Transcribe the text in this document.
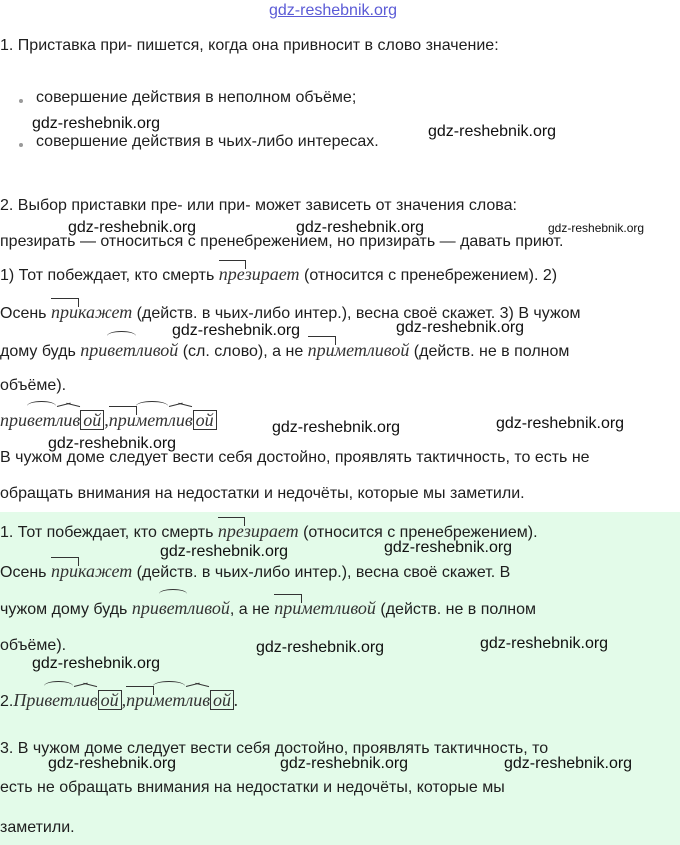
gdz-reshebnik.org
1. Приставка при- пишется, когда она привносит в слово значение:
совершение действия в неполном объёме;
совершение действия в чьих-либо интересах.
2. Выбор приставки пре- или при- может зависеть от значения слова:
презирать — относиться с пренебрежением, но призирать — давать приют.
1) Тот побеждает, кто смерть
презирает (относится с пренебрежением). 2)
Осень
прикажет (действ. в чьих-либо интер.), весна своё скажет. 3) В чужом
дому будь при
ветливой (сл. слово), а не
приметливой (действ. не в полном
объёме).
при
вет
лив ой ,
при
мет
лив ой
В чужом доме следует вести себя достойно, проявлять тактичность, то есть не
обращать внимания на недостатки и недочёты, которые мы заметили.
1. Тот побеждает, кто смерть
презирает (относится с пренебрежением).
Осень
прикажет (действ. в чьих-либо интер.), весна своё скажет. В
чужом дому будь при
ветливой, а не
приметливой (действ. не в полном
объёме).
2.При
вет
лив ой ,
при
мет
лив ой .
3. В чужом доме следует вести себя достойно, проявлять тактичность, то
есть не обращать внимания на недостатки и недочёты, которые мы
заметили.
gdz-reshebnik.org	gdz-reshebnik.org
gdz-reshebnik.org	gdz-reshebnik.org	gdz-reshebnik.org
gdz-reshebnik.org	gdz-reshebnik.org
gdz-reshebnik.org	gdz-reshebnik.org
gdz-reshebnik.org
gdz-reshebnik.org	gdz-reshebnik.org
gdz-reshebnik.org	gdz-reshebnik.org
gdz-reshebnik.org
gdz-reshebnik.org	gdz-reshebnik.org	gdz-reshebnik.org
